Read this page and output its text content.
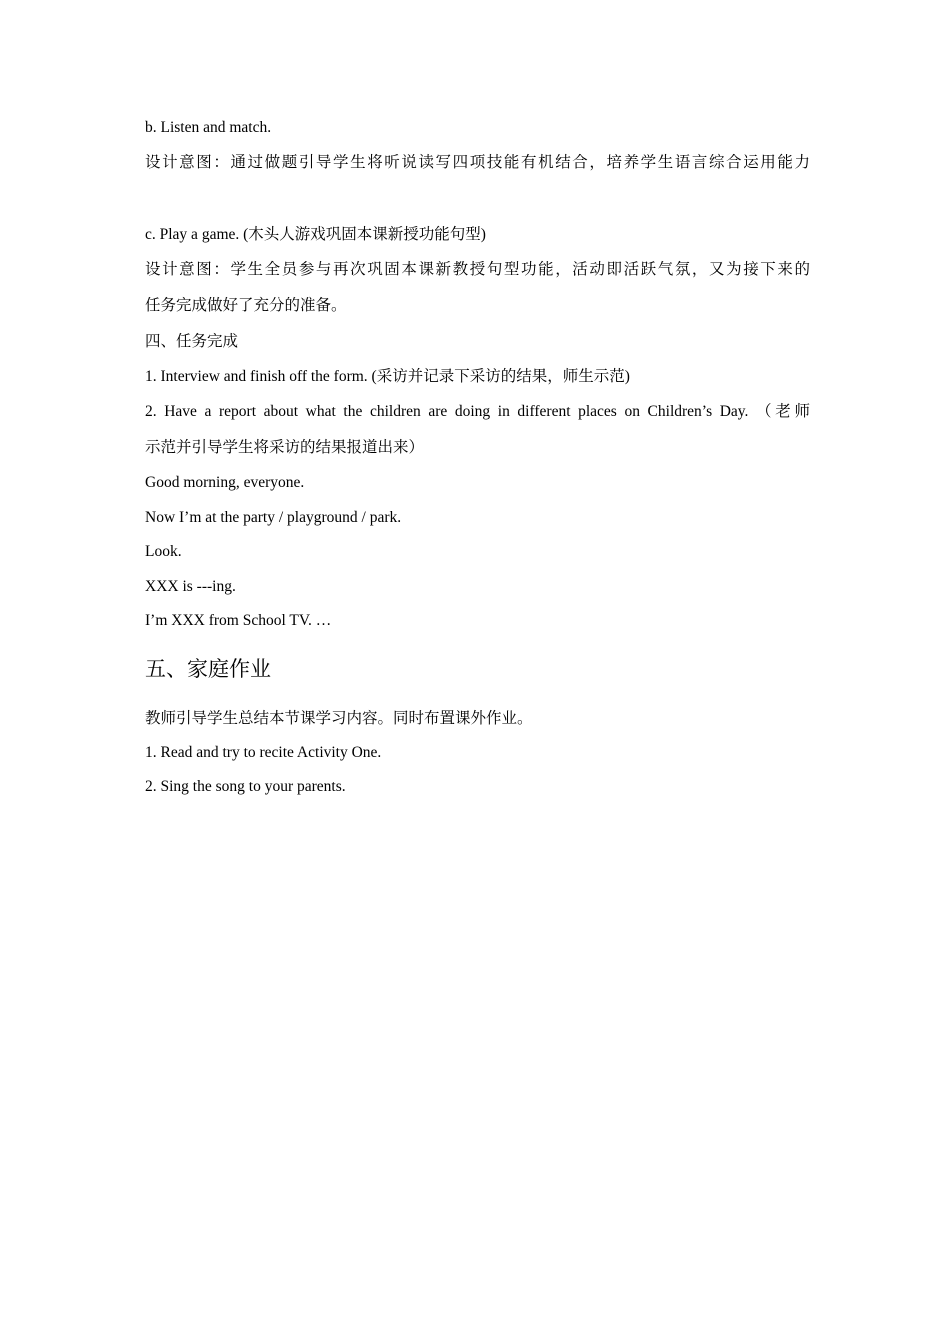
b. Listen and match.
设计意图：通过做题引导学生将听说读写四项技能有机结合，培养学生语言综合运用能力
c. Play a game. (木头人游戏巩固本课新授功能句型)
设计意图：学生全员参与再次巩固本课新教授句型功能，活动即活跃气氛，又为接下来的
任务完成做好了充分的准备。
四、任务完成
1. Interview and finish off the form. (采访并记录下采访的结果，师生示范)
2. Have a report about what the children are doing in different places on Children’s Day. （老师
示范并引导学生将采访的结果报道出来）
Good morning, everyone.
Now I’m at the party / playground / park.
Look.
XXX is ---ing.
I’m XXX from School TV. …
五、家庭作业
教师引导学生总结本节课学习内容。同时布置课外作业。
1. Read and try to recite Activity One.
2. Sing the song to your parents.
